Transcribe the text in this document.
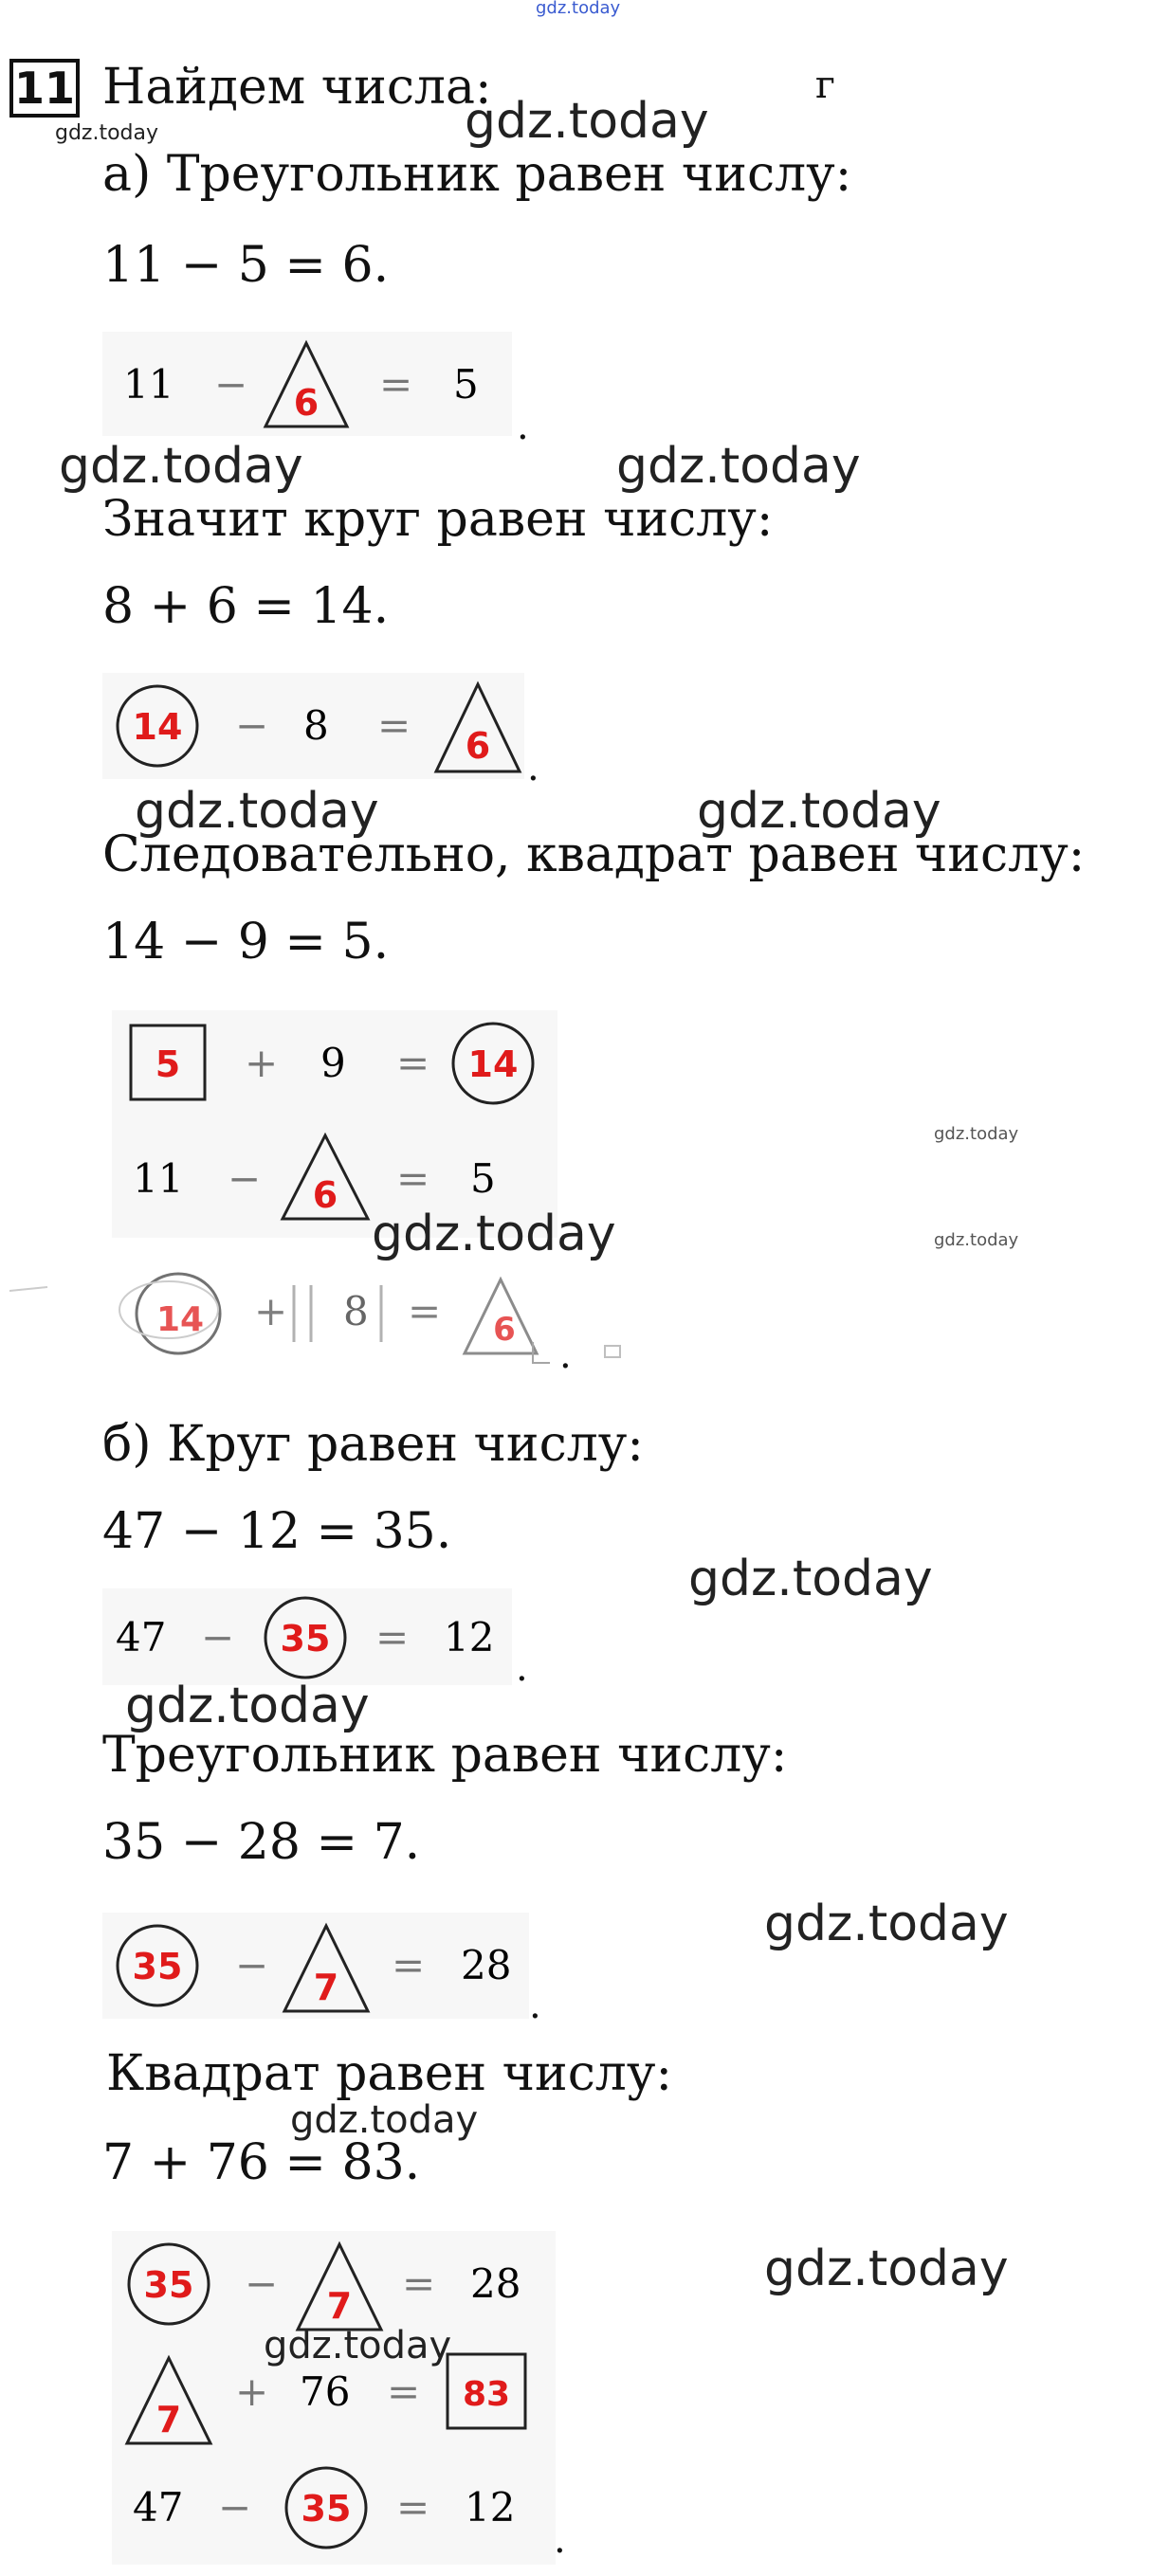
gdz.today
11 Найдем числа:	г
gdz.today	gdz.today
а) Треугольник равен числу:
11 − 5 = 6.
11 − 6 = 5
.
gdz.today	gdz.today
Значит круг равен числу:
8 + 6 = 14.
14 − 8 = 6 .
gdz.today	gdz.today
Следовательно, квадрат равен числу:
14 − 9 = 5.
5 + 9 = 14
11 − 6 = 5
gdz.today
gdz.today
gdz.today
14 + 8 = 6
.
б) Круг равен числу:
47 − 12 = 35.
gdz.today
47 − 35 = 12
.
gdz.today
Треугольник равен числу:
35 − 28 = 7.
gdz.today
35 − 7 = 28
.
Квадрат равен числу:
gdz.today
7 + 76 = 83.
gdz.today
35 − 7 = 28
7
+ 76 = 83
47 − 35 = 12
gdz.today
.
